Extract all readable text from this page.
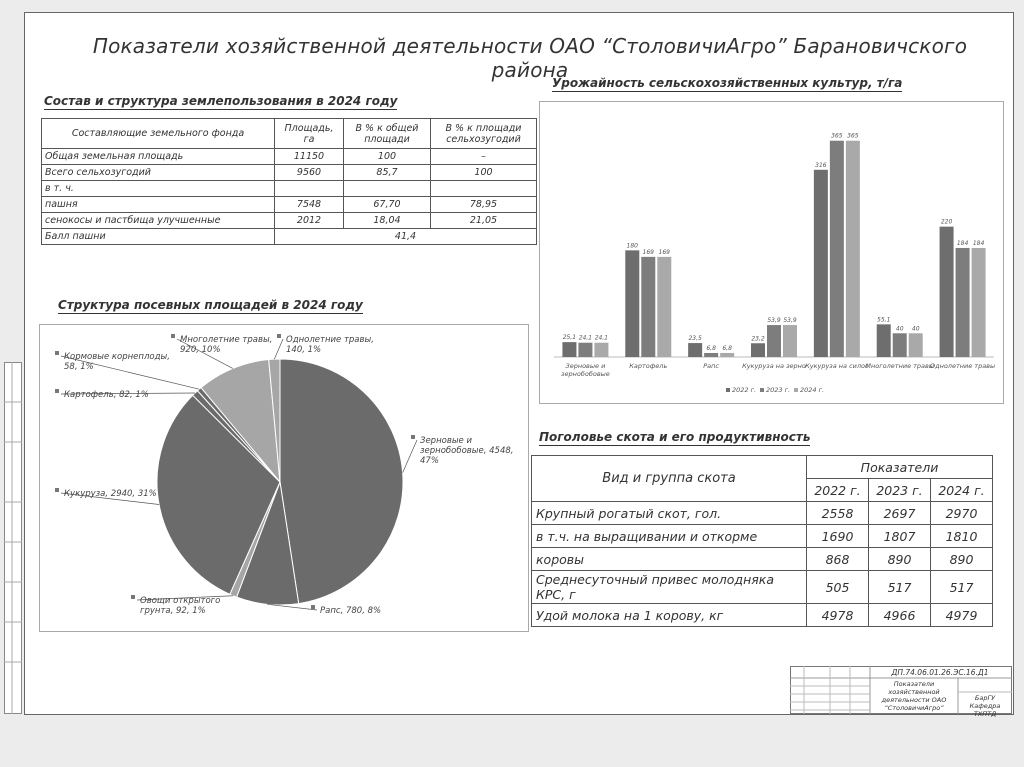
Показатели хозяйственной деятельности ОАО “СтоловичиАгро” Барановичского района
Состав и структура землепользования в 2024 году
Составляющие земельного фонда	Площадь, га	В % к общей площади	В % к площади сельхозугодий
Общая земельная площадь	11150	100	–
Всего сельхозугодий	9560	85,7	100
в т. ч.			
пашня	7548	67,70	78,95
сенокосы и пастбища улучшенные	2012	18,04	21,05
Балл пашни	41,4		
Структура посевных площадей в 2024 году
Зерновые и зернобобовые, 4548, 47%
Рапс, 780, 8%
Овощи открытого грунта, 92, 1%
Кукуруза, 2940, 31%
Картофель, 82, 1%
Кормовые корнеплоды, 58, 1%
Многолетние травы, 920, 10%
Однолетние травы, 140, 1%
Урожайность сельскохозяйственных культур, т/га
25,1 24,1 24,1
Зерновые и зернобобовые
180
169 169
Картофель
23,5
6,8 6,8
Рапс
23,2
53,9 53,9
Кукуруза на зерно
316
365 365
Кукуруза на силос
55,1
40 40
Многолетние травы
220
184 184
Однолетние травы
2022 г. 2023 г. 2024 г.
Поголовье скота и его продуктивность
Вид и группа скота	Показатели		
	2022 г.	2023 г.	2024 г.
Крупный рогатый скот, гол.	2558	2697	2970
в т.ч. на выращивании и откорме	1690	1807	1810
коровы	868	890	890
Среднесуточный привес молодняка КРС, г	505	517	517
Удой молока на 1 корову, кг	4978	4966	4979
ДП.74.06.01.26.ЭС.16.Д1
Показатели хозяйственной деятельности ОАО “СтоловичиАгро”
БарГУ Кафедра ТХПТД
